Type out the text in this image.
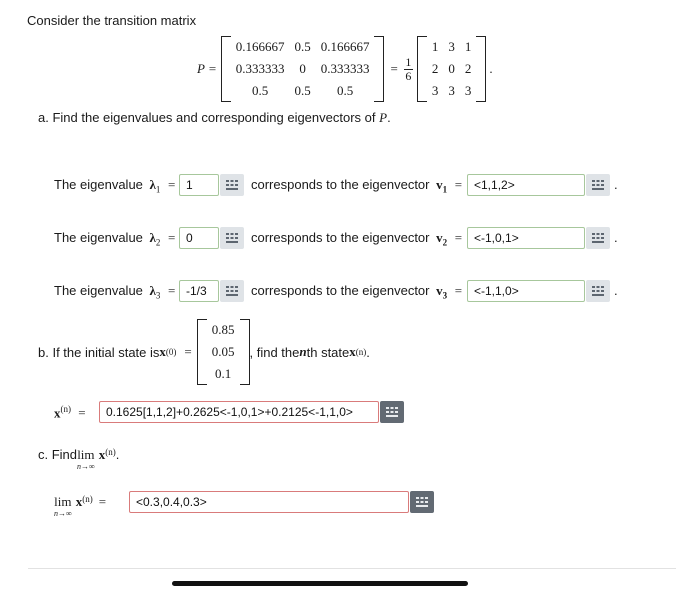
Consider the transition matrix
P =
0.166667	0.5	0.166667
0.333333	0	0.333333
0.5	0.5	0.5
= 1
6
1	3	1
2	0	2
3	3	3
.
a. Find the eigenvalues and corresponding eigenvectors of P.
The eigenvalue $\lambda_1 = 1$	corresponds to the eigenvector $v_1 = <1,1,2>$	.
The eigenvalue $\lambda_2 = 0$	corresponds to the eigenvector $v_2 = <-1,0,1>$	.
The eigenvalue $\lambda_3 = -1/3$	corresponds to the eigenvector $v_3 = <-1,1,0>$	.
b. If the initial state is x (0) =
0.85
0.05
0.1
, find the n th state x (n) .
$x^{(n)}$ =	0.1625[1,1,2]+0.2625<-1,0,1>+0.2125<-1,1,0>
c. Find lim
n→∞
$x^{(n)}$ .
lim
n→∞
$x^{(n)}$ =	<0.3,0.4,0.3>
